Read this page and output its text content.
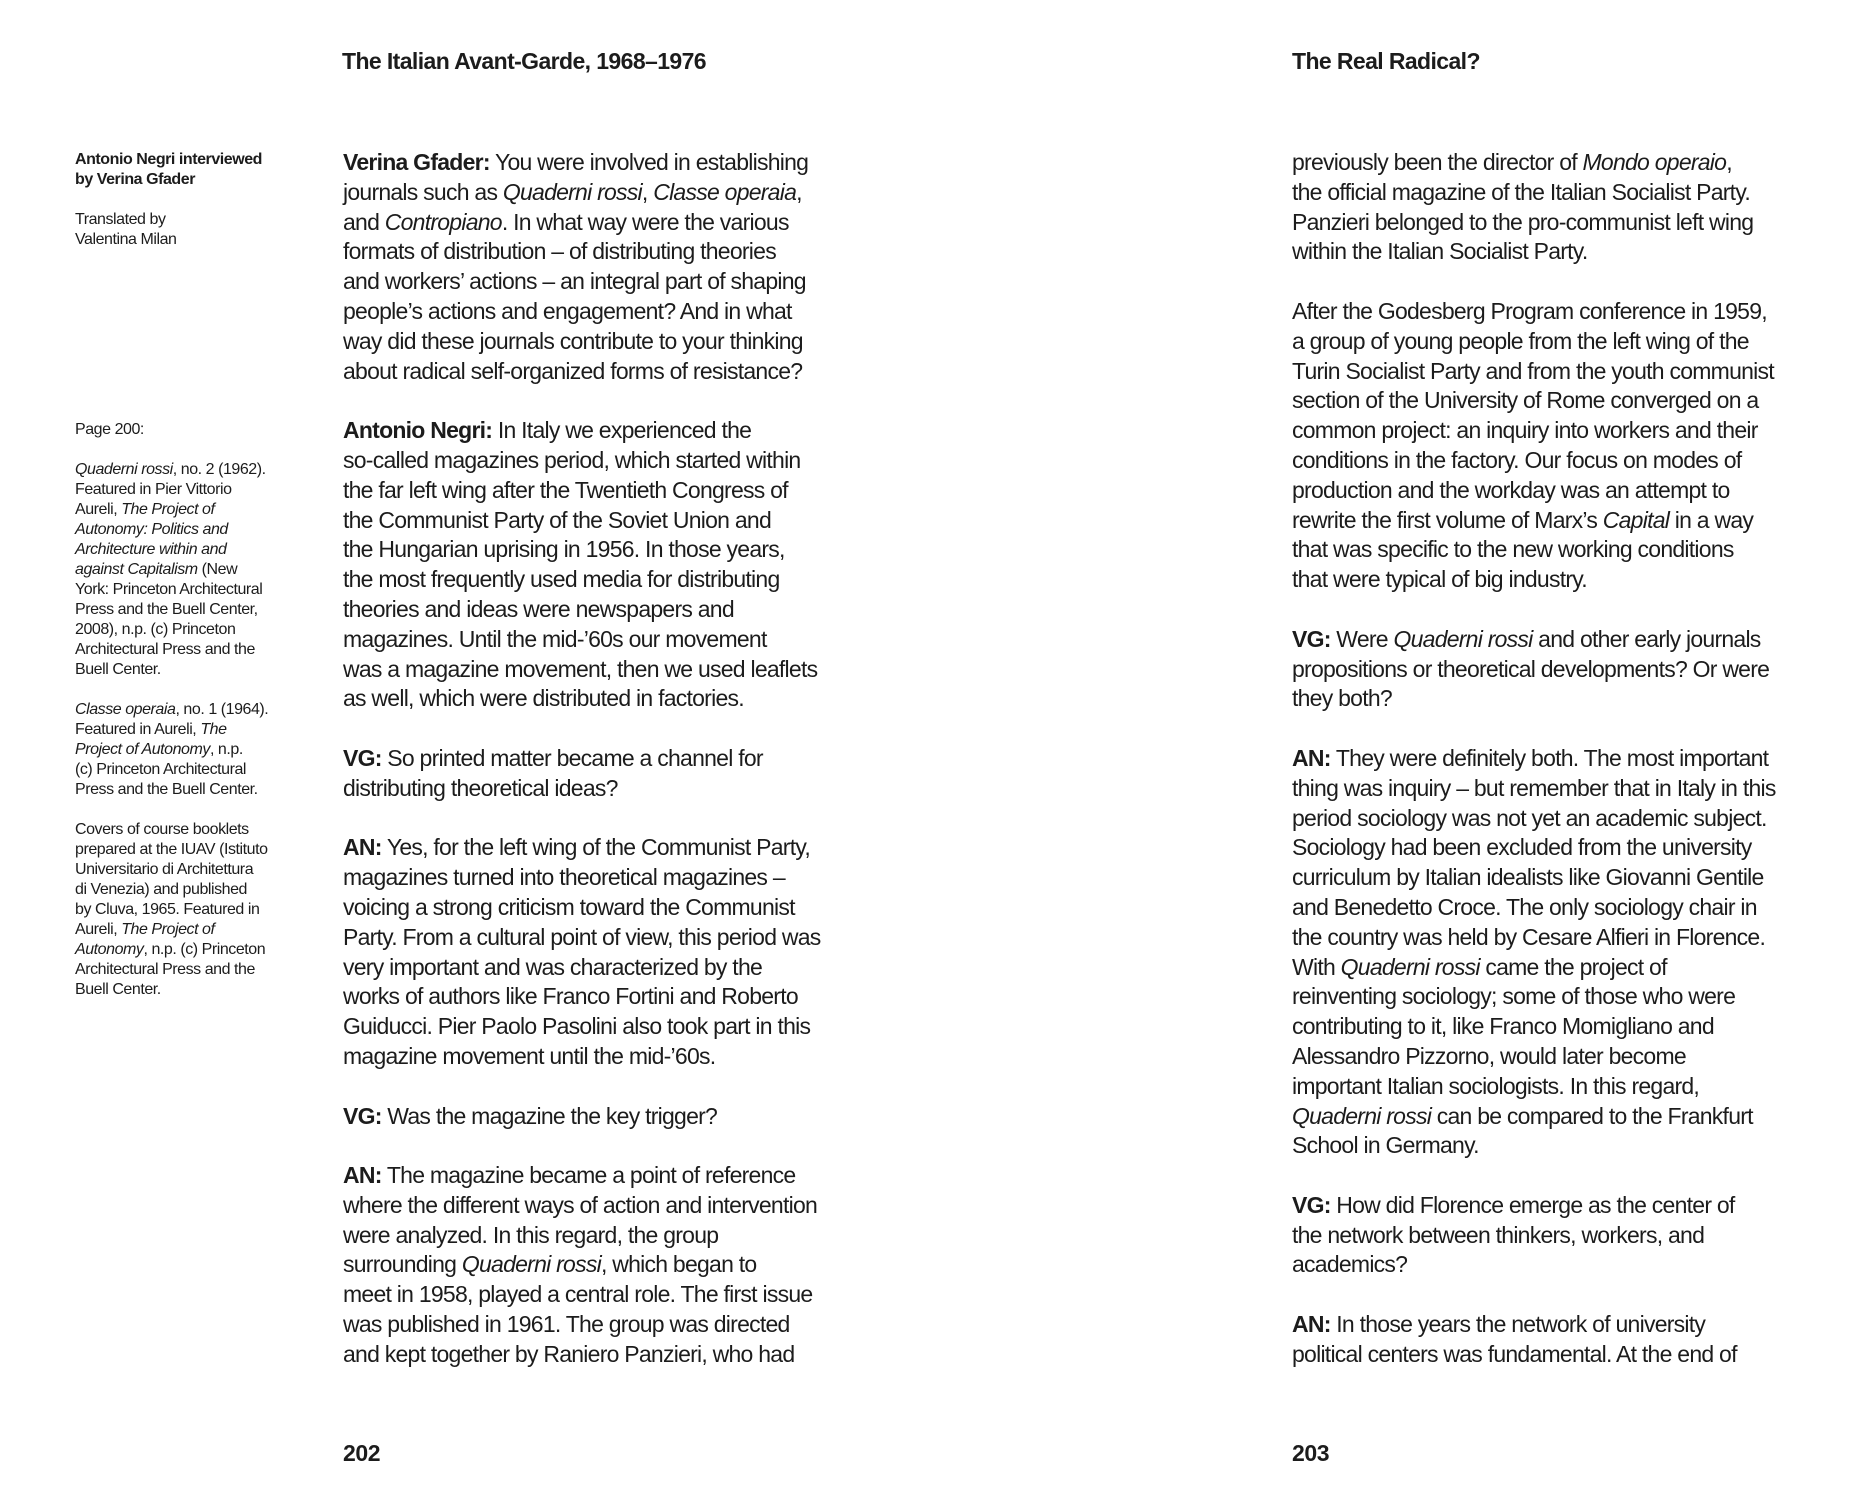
The Italian Avant-Garde, 1968–1976

Antonio Negri interviewed
by Verina Gfader

Translated by
Valentina Milan

Page 200:

Quaderni rossi, no. 2 (1962).
Featured in Pier Vittorio
Aureli, The Project of
Autonomy: Politics and
Architecture within and
against Capitalism (New
York: Princeton Architectural
Press and the Buell Center,
2008), n.p. (c) Princeton
Architectural Press and the
Buell Center.

Classe operaia, no. 1 (1964).
Featured in Aureli, The
Project of Autonomy, n.p.
(c) Princeton Architectural
Press and the Buell Center.

Covers of course booklets
prepared at the IUAV (Istituto
Universitario di Architettura
di Venezia) and published
by Cluva, 1965. Featured in
Aureli, The Project of
Autonomy, n.p. (c) Princeton
Architectural Press and the
Buell Center.

Verina Gfader: You were involved in establishing
journals such as Quaderni rossi, Classe operaia,
and Contropiano. In what way were the various
formats of distribution – of distributing theories
and workers’ actions – an integral part of shaping
people’s actions and engagement? And in what
way did these journals contribute to your thinking
about radical self-organized forms of resistance?

Antonio Negri: In Italy we experienced the
so-called magazines period, which started within
the far left wing after the Twentieth Congress of
the Communist Party of the Soviet Union and
the Hungarian uprising in 1956. In those years,
the most frequently used media for distributing
theories and ideas were newspapers and
magazines. Until the mid-’60s our movement
was a magazine movement, then we used leaflets
as well, which were distributed in factories.

VG: So printed matter became a channel for
distributing theoretical ideas?

AN: Yes, for the left wing of the Communist Party,
magazines turned into theoretical magazines –
voicing a strong criticism toward the Communist
Party. From a cultural point of view, this period was
very important and was characterized by the
works of authors like Franco Fortini and Roberto
Guiducci. Pier Paolo Pasolini also took part in this
magazine movement until the mid-’60s.

VG: Was the magazine the key trigger?

AN: The magazine became a point of reference
where the different ways of action and intervention
were analyzed. In this regard, the group
surrounding Quaderni rossi, which began to
meet in 1958, played a central role. The first issue
was published in 1961. The group was directed
and kept together by Raniero Panzieri, who had

202
The Real Radical?

previously been the director of Mondo operaio,
the official magazine of the Italian Socialist Party.
Panzieri belonged to the pro-communist left wing
within the Italian Socialist Party.

After the Godesberg Program conference in 1959,
a group of young people from the left wing of the
Turin Socialist Party and from the youth communist
section of the University of Rome converged on a
common project: an inquiry into workers and their
conditions in the factory. Our focus on modes of
production and the workday was an attempt to
rewrite the first volume of Marx’s Capital in a way
that was specific to the new working conditions
that were typical of big industry.

VG: Were Quaderni rossi and other early journals
propositions or theoretical developments? Or were
they both?

AN: They were definitely both. The most important
thing was inquiry – but remember that in Italy in this
period sociology was not yet an academic subject.
Sociology had been excluded from the university
curriculum by Italian idealists like Giovanni Gentile
and Benedetto Croce. The only sociology chair in
the country was held by Cesare Alfieri in Florence.
With Quaderni rossi came the project of
reinventing sociology; some of those who were
contributing to it, like Franco Momigliano and
Alessandro Pizzorno, would later become
important Italian sociologists. In this regard,
Quaderni rossi can be compared to the Frankfurt
School in Germany.

VG: How did Florence emerge as the center of
the network between thinkers, workers, and
academics?

AN: In those years the network of university
political centers was fundamental. At the end of

203
